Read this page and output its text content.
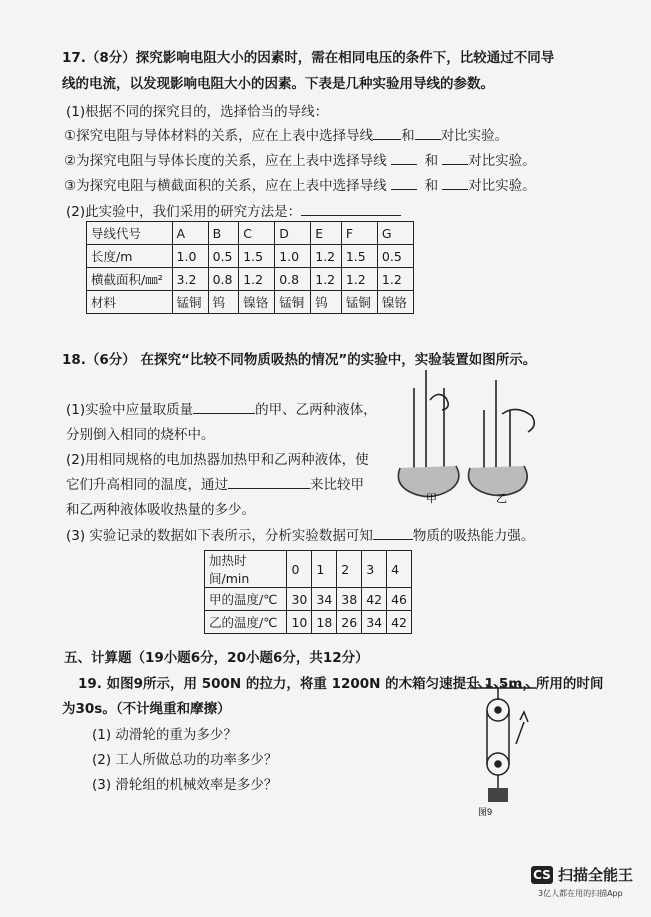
17.（8分）探究影响电阻大小的因素时，需在相同电压的条件下，比较通过不同导
线的电流，以发现影响电阻大小的因素。下表是几种实验用导线的参数。
(1)根据不同的探究目的，选择恰当的导线：
①探究电阻与导体材料的关系，应在上表中选择导线 和 对比实验。
②为探究电阻与导体长度的关系，应在上表中选择导线	和 对比实验。
③为探究电阻与横截面积的关系，应在上表中选择导线	和 对比实验。
(2)此实验中，我们采用的研究方法是：
导线代号	A	B	C	D	E	F	G
长度/m	1.0	0.5	1.5	1.0	1.2	1.5	0.5
横截面积/㎜²	3.2	0.8	1.2	0.8	1.2	1.2	1.2
材料	锰铜	钨	镍铬	锰铜	钨	锰铜	镍铬
18.（6分） 在探究“比较不同物质吸热的情况”的实验中，实验装置如图所示。
(1)实验中应量取质量	的甲、乙两种液体，
分别倒入相同的烧杯中。
(2)用相同规格的电加热器加热甲和乙两种液体，使
它们升高相同的温度，通过	来比较甲
和乙两种液体吸收热量的多少。
(3) 实验记录的数据如下表所示，分析实验数据可知	物质的吸热能力强。
甲	乙
加热时间/min	0	1	2	3	4
甲的温度/℃	30	34	38	42	46
乙的温度/℃	10	18	26	34	42
五、计算题（19小题6分，20小题6分，共12分）
19. 如图9所示，用 500N 的拉力，将重 1200N 的木箱匀速提升 1.5m，所用的时间
为30s。（不计绳重和摩擦）
(1) 动滑轮的重为多少？
(2) 工人所做总功的功率多少？
(3) 滑轮组的机械效率是多少？
图9
CS 扫描全能王
3亿人都在用的扫描App
